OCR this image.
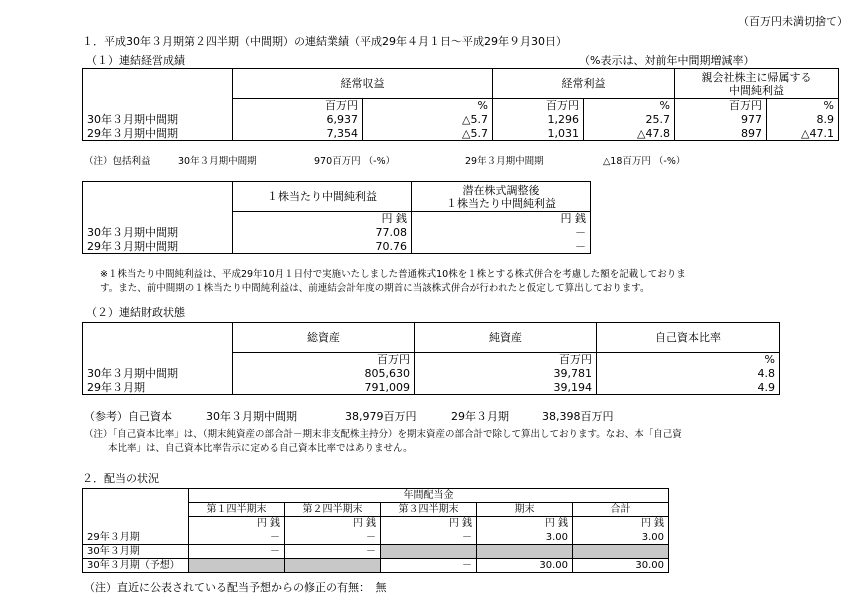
（百万円未満切捨て）
１．平成30年３月期第２四半期（中間期）の連結業績（平成29年４月１日～平成29年９月30日）
（１）連結経営成績	（%表示は、対前年中間期増減率）
	経常収益		経常利益		親会社株主に帰属する
中間純利益	
	百万円	%	百万円	%	百万円	%
30年３月期中間期	6,937	△5.7	1,296	25.7	977	8.9
29年３月期中間期	7,354	△5.7	1,031	△47.8	897	△47.1
（注）包括利益	30年３月期中間期	970百万円 （-%）	29年３月期中間期	△18百万円 （-%）
	１株当たり中間純利益	潜在株式調整後
１株当たり中間純利益
	円 銭	円 銭
30年３月期中間期	77.08	－
29年３月期中間期	70.76	－
※１株当たり中間純利益は、平成29年10月１日付で実施いたしました普通株式10株を１株とする株式併合を考慮した額を記載しておりま
す。また、前中間期の１株当たり中間純利益は、前連結会計年度の期首に当該株式併合が行われたと仮定して算出しております。
（２）連結財政状態
	総資産	純資産	自己資本比率
	百万円	百万円	%
30年３月期中間期	805,630	39,781	4.8
29年３月期	791,009	39,194	4.9
（参考）自己資本	30年３月期中間期	38,979百万円	29年３月期	38,398百万円
（注）「自己資本比率」は、（期末純資産の部合計－期末非支配株主持分）を期末資産の部合計で除して算出しております。なお、本「自己資
本比率」は、自己資本比率告示に定める自己資本比率ではありません。
２．配当の状況
	年間配当金				
	第１四半期末	第２四半期末	第３四半期末	期末	合計
	円 銭	円 銭	円 銭	円 銭	円 銭
29年３月期	－	－	－	3.00	3.00
30年３月期	－	－			
30年３月期（予想）			－	30.00	30.00
（注）直近に公表されている配当予想からの修正の有無：　無
